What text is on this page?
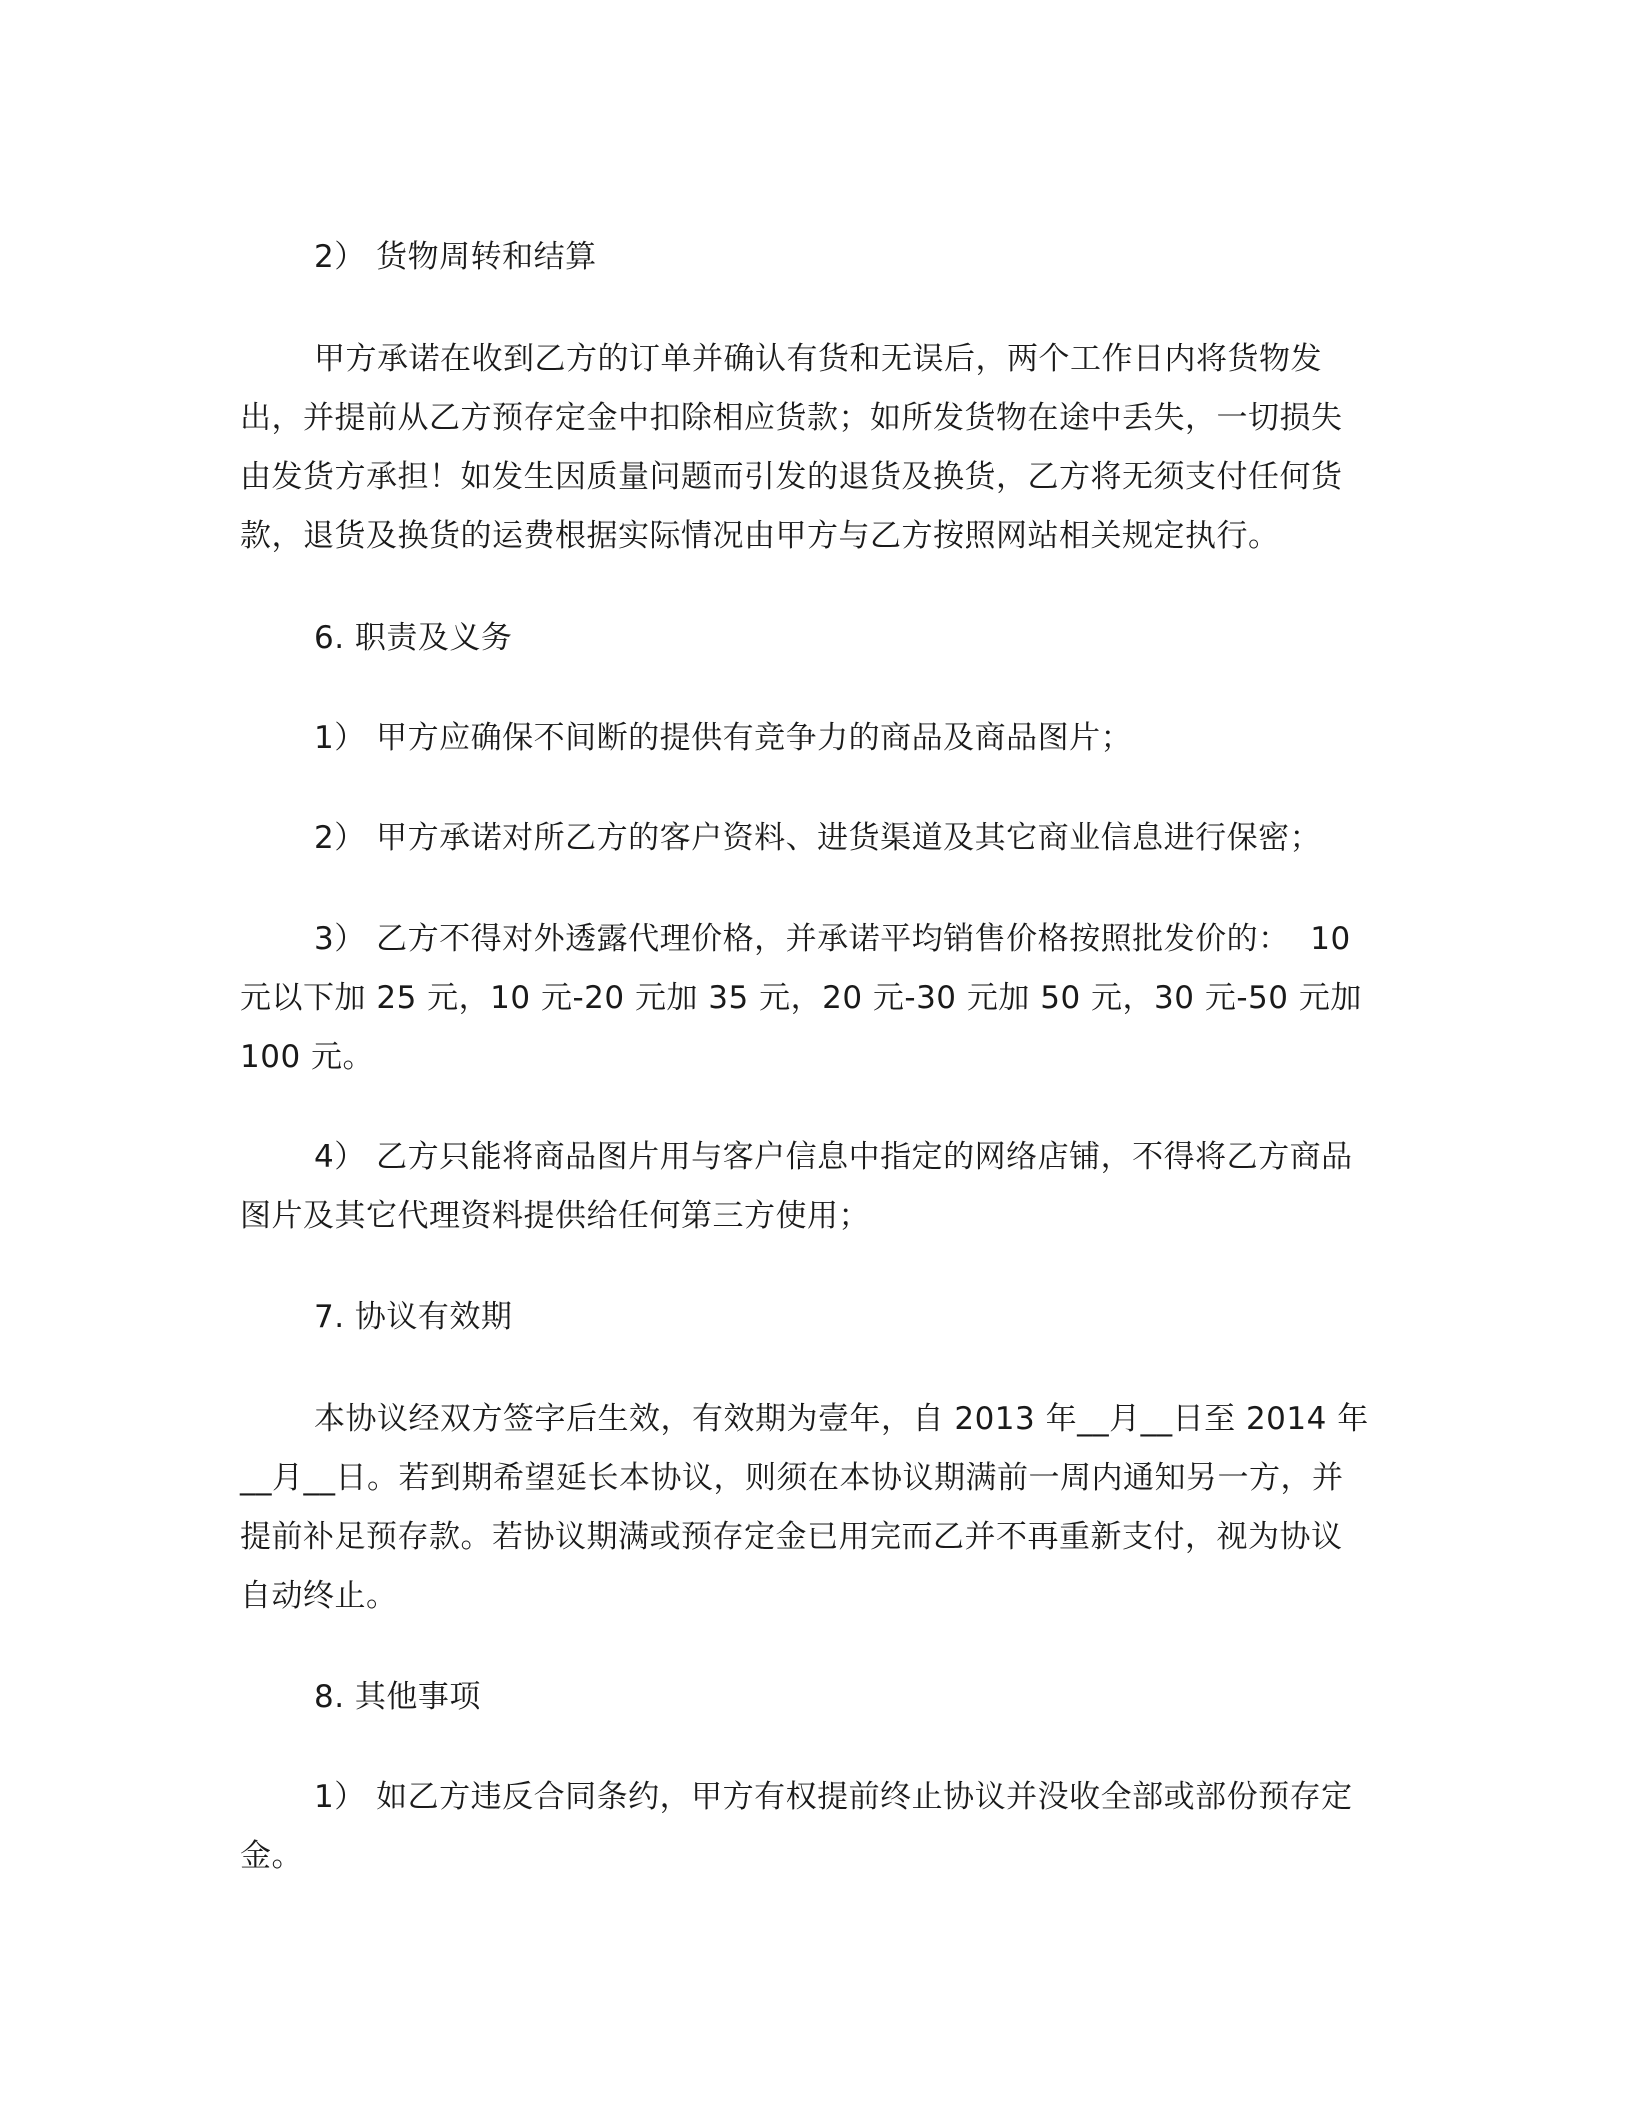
2） 货物周转和结算

甲方承诺在收到乙方的订单并确认有货和无误后，两个工作日内将货物发出，并提前从乙方预存定金中扣除相应货款；如所发货物在途中丢失，一切损失由发货方承担！如发生因质量问题而引发的退货及换货，乙方将无须支付任何货款，退货及换货的运费根据实际情况由甲方与乙方按照网站相关规定执行。

6. 职责及义务

1） 甲方应确保不间断的提供有竞争力的商品及商品图片；

2） 甲方承诺对所乙方的客户资料、进货渠道及其它商业信息进行保密；

3） 乙方不得对外透露代理价格，并承诺平均销售价格按照批发价的：  10 元以下加 25 元，10 元-20 元加 35 元，20 元-30 元加 50 元，30 元-50 元加 100 元。

4） 乙方只能将商品图片用与客户信息中指定的网络店铺，不得将乙方商品图片及其它代理资料提供给任何第三方使用；

7. 协议有效期

本协议经双方签字后生效，有效期为壹年，自 2013 年__月__日至 2014 年__月__日。若到期希望延长本协议，则须在本协议期满前一周内通知另一方，并提前补足预存款。若协议期满或预存定金已用完而乙并不再重新支付，视为协议自动终止。

8. 其他事项

1） 如乙方违反合同条约，甲方有权提前终止协议并没收全部或部份预存定金。
